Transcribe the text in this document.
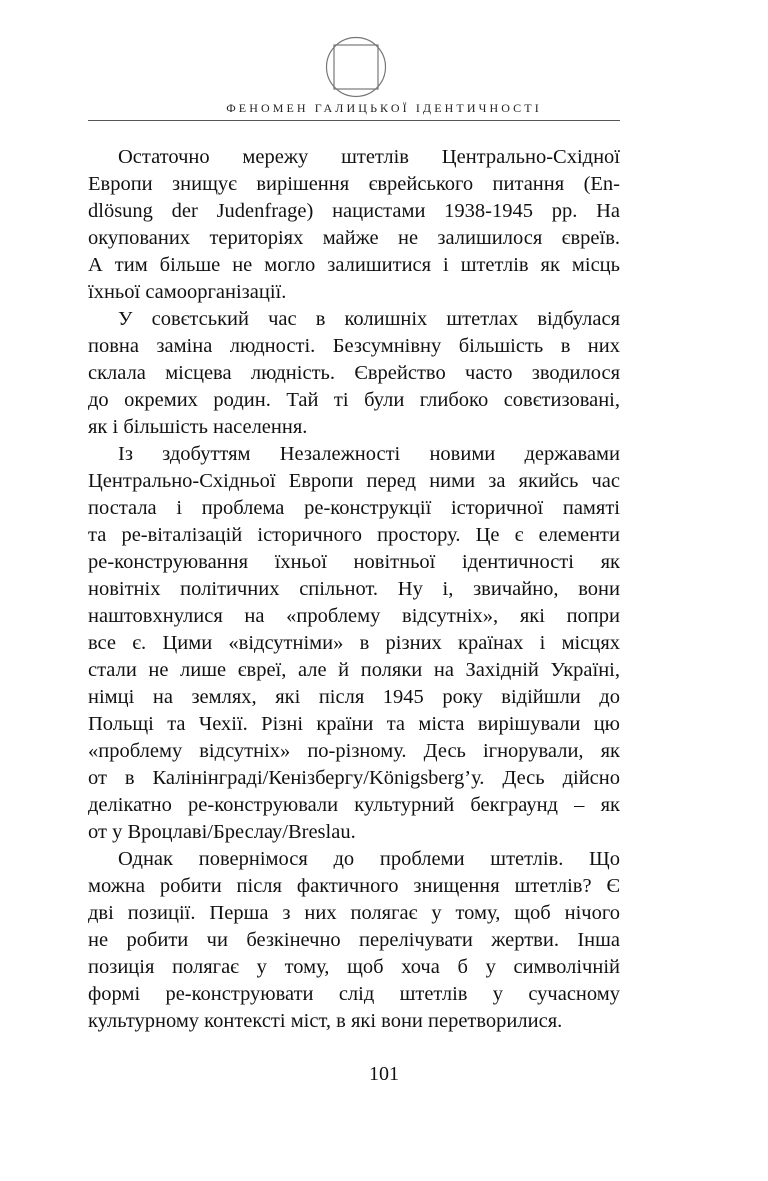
ФЕНОМЕН ГАЛИЦЬКОЇ ІДЕНТИЧНОСТІ
Остаточно мережу штетлів Центрально-Східної
Европи знищує вирішення єврейського питання (En-
dlösung der Judenfrage) нацистами 1938-1945 pp. На
окупованих територіях майже не залишилося євреїв.
А тим більше не могло залишитися і штетлів як місць
їхньої самоорганізації.
У совєтський час в колишніх штетлах відбулася
повна заміна людності. Безсумнівну більшість в них
склала місцева людність. Єврейство часто зводилося
до окремих родин. Тай ті були глибоко совєтизовані,
як і більшість населення.
Із здобуттям Незалежності новими державами
Центрально-Східньої Европи перед ними за якийсь час
постала і проблема ре-конструкції історичної памяті
та ре-віталізацій історичного простору. Це є елементи
ре-конструювання їхньої новітньої ідентичності як
новітніх політичних спільнот. Ну і, звичайно, вони
наштовхнулися на «проблему відсутніх», які попри
все є. Цими «відсутніми» в різних країнах і місцях
стали не лише євреї, але й поляки на Західній Україні,
німці на землях, які після 1945 року відійшли до
Польщі та Чехії. Різні країни та міста вирішували цю
«проблему відсутніх» по-різному. Десь ігнорували, як
от в Калінінграді/Кенізбергу/Königsberg’у. Десь дійсно
делікатно ре-конструювали культурний бекграунд – як
от у Вроцлаві/Бреслау/Breslau.
Однак повернімося до проблеми штетлів. Що
можна робити після фактичного знищення штетлів? Є
дві позиції. Перша з них полягає у тому, щоб нічого
не робити чи безкінечно перелічувати жертви. Інша
позиція полягає у тому, щоб хоча б у символічній
формі ре-конструювати слід штетлів у сучасному
культурному контексті міст, в які вони перетворилися.
101
